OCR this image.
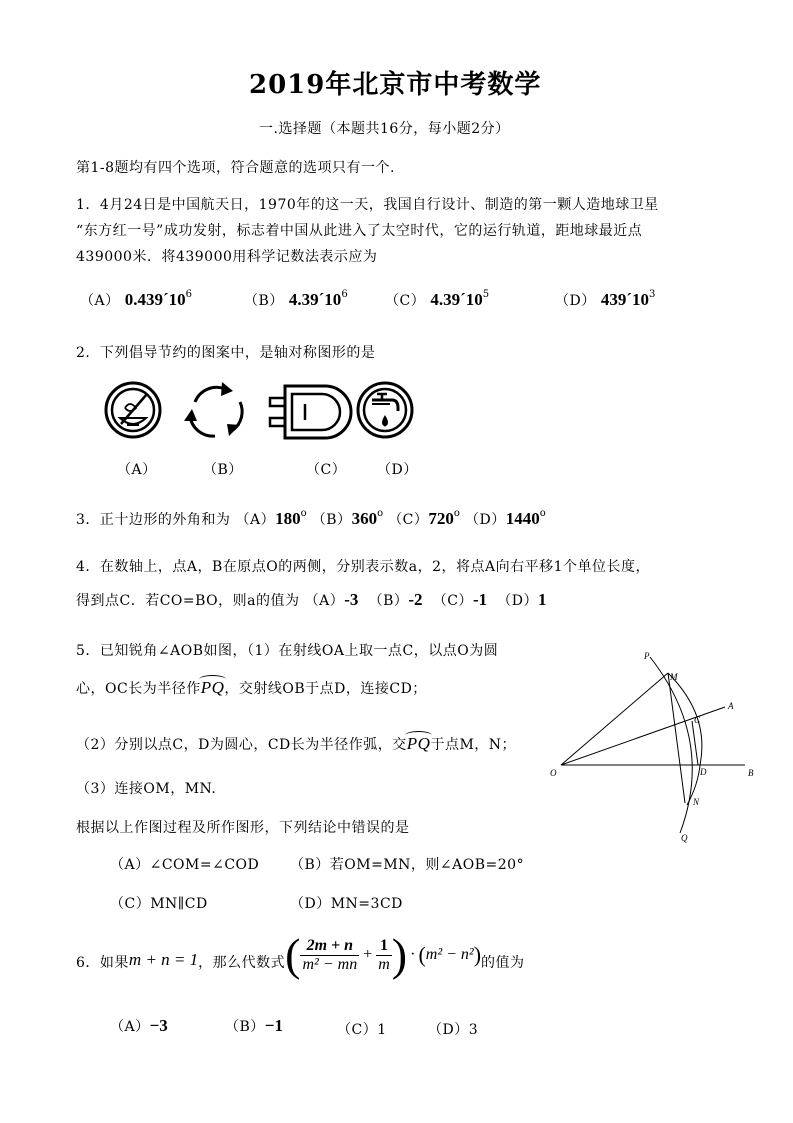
2019年北京市中考数学
一.选择题（本题共16分，每小题2分）
第1-8题均有四个选项，符合题意的选项只有一个.
1．4月24日是中国航天日，1970年的这一天，我国自行设计、制造的第一颗人造地球卫星
“东方红一号”成功发射，标志着中国从此进入了太空时代，它的运行轨道，距地球最近点
439000米．将439000用科学记数法表示应为
（A） $0.439´10^6$	（B） $4.39´10^6$	（C） $4.39´10^5$	（D） $439´10^3$
2．下列倡导节约的图案中，是轴对称图形的是
（A）	（B）	（C） （D）
3．正十边形的外角和为 （A）180$^o$ （B）360$^o$ （C）720$^o$ （D）1440$^o$
4．在数轴上，点A，B在原点O的两侧，分别表示数a，2，将点A向右平移1个单位长度，
得到点C．若CO=BO，则a的值为 （A）-3 （B）-2 （C）-1 （D）1
5．已知锐角∠AOB如图，（1）在射线OA上取一点C，以点O为圆
心，OC长为半径作PQ，交射线OB于点D，连接CD；
（2）分别以点C，D为圆心，CD长为半径作弧，交PQ于点M，N；
（3）连接OM，MN.
根据以上作图过程及所作图形，下列结论中错误的是
（A）∠COM=∠COD （B）若OM=MN，则∠AOB=20°
（C）MN∥CD	（D）MN=3CD
P
M
A
C
O	D	B
N
Q
6．如果 m + n = 1 ，那么代数式 ( $\frac{2m + n}{\text{m² − mn}} + \frac{1}{m}$ ) · ( m² − n² ) 的值为
（A）−3	（B）−1	（C）1	（D）3
